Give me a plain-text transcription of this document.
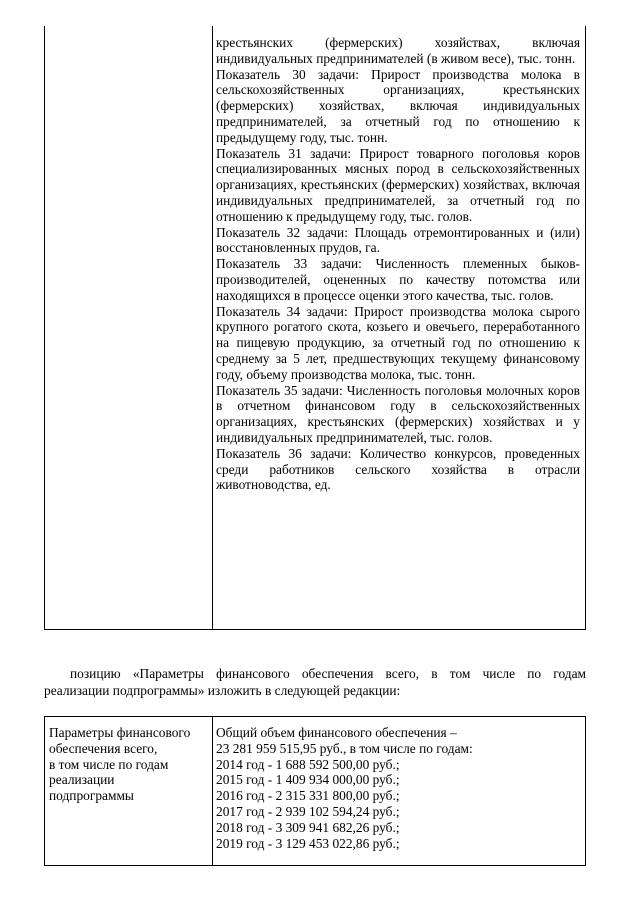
крестьянских (фермерских) хозяйствах, включая индивидуальных предпринимателей (в живом весе), тыс. тонн.

Показатель 30 задачи: Прирост производства молока в сельскохозяйственных организациях, крестьянских (фермерских) хозяйствах, включая индивидуальных предпринимателей, за отчетный год по отношению к предыдущему году, тыс. тонн.

Показатель 31 задачи: Прирост товарного поголовья коров специализированных мясных пород в сельскохозяйственных организациях, крестьянских (фермерских) хозяйствах, включая индивидуальных предпринимателей, за отчетный год по отношению к предыдущему году, тыс. голов.

Показатель 32 задачи: Площадь отремонтированных и (или) восстановленных прудов, га.

Показатель 33 задачи: Численность племенных быков-производителей, оцененных по качеству потомства или находящихся в процессе оценки этого качества, тыс. голов.

Показатель 34 задачи: Прирост производства молока сырого крупного рогатого скота, козьего и овечьего, переработанного на пищевую продукцию, за отчетный год по отношению к среднему за 5 лет, предшествующих текущему финансовому году, объему производства молока, тыс. тонн.

Показатель 35 задачи: Численность поголовья молочных коров в отчетном финансовом году в сельскохозяйственных организациях, крестьянских (фермерских) хозяйствах и у индивидуальных предпринимателей, тыс. голов.

Показатель 36 задачи: Количество конкурсов, проведенных среди работников сельского хозяйства в отрасли животноводства, ед.

позицию «Параметры финансового обеспечения всего, в том числе по годам
реализации подпрограммы» изложить в следующей редакции:

Параметры финансового
обеспечения всего,
в том числе по годам
реализации
подпрограммы
Общий объем финансового обеспечения –
23 281 959 515,95 руб., в том числе по годам:
2014 год - 1 688 592 500,00 руб.;
2015 год - 1 409 934 000,00 руб.;
2016 год - 2 315 331 800,00 руб.;
2017 год - 2 939 102 594,24 руб.;
2018 год - 3 309 941 682,26 руб.;
2019 год - 3 129 453 022,86 руб.;
